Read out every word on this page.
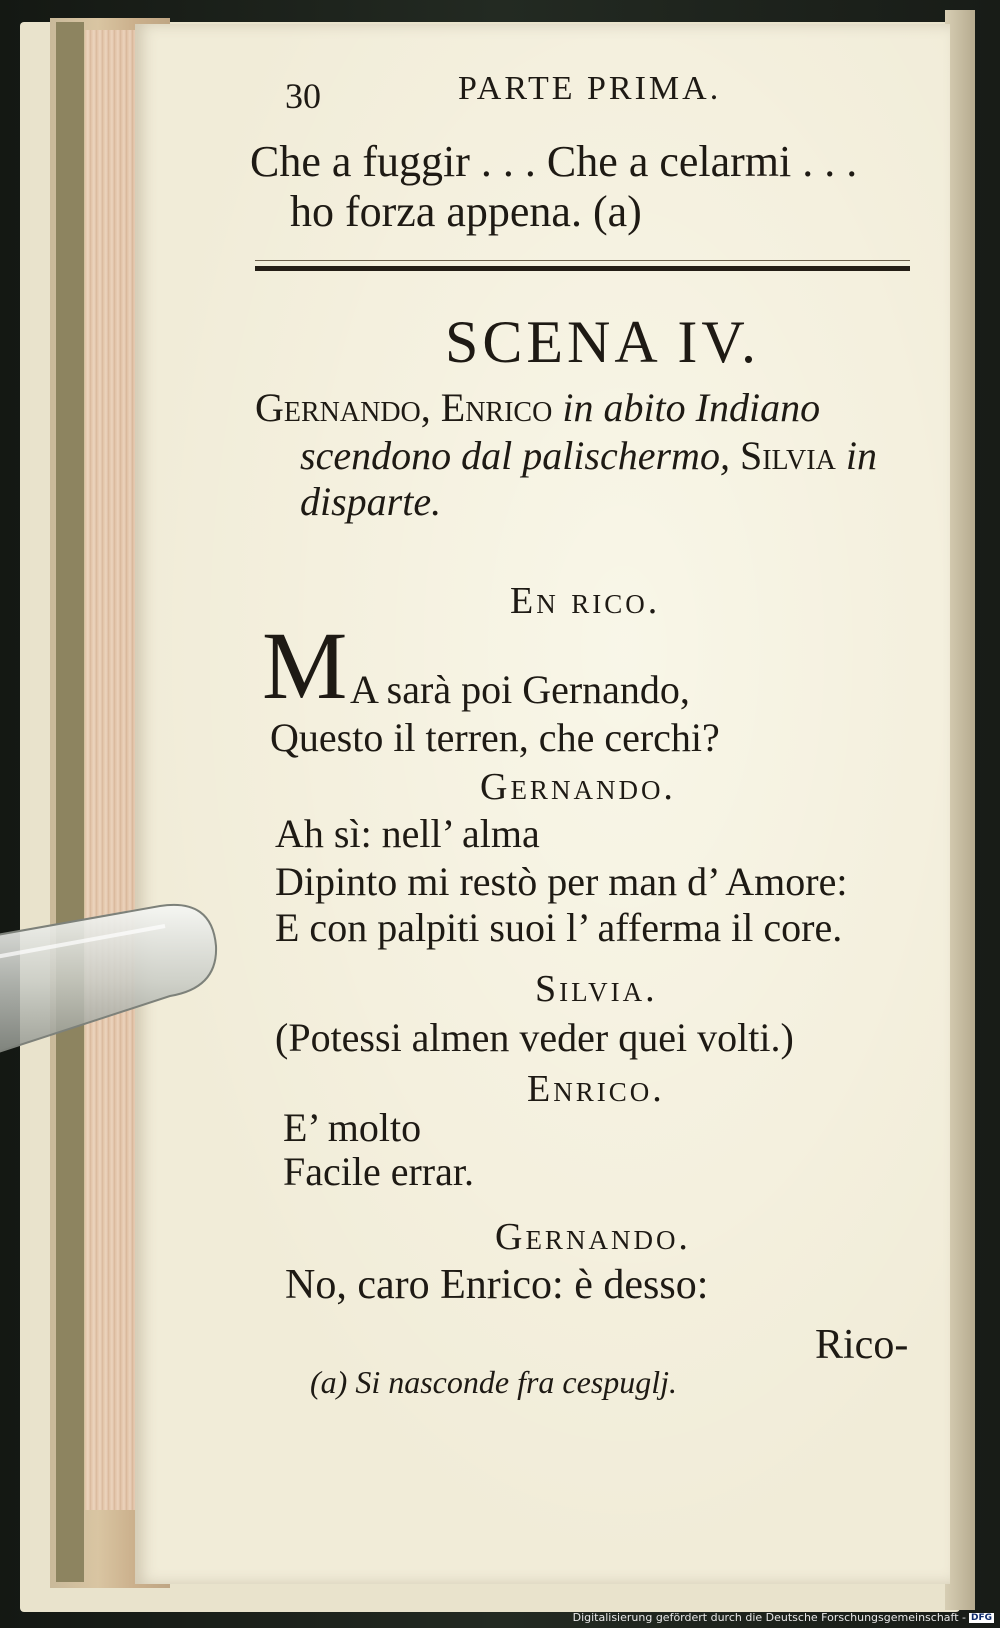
30	PARTE PRIMA.
Che a fuggir . . . Che a celarmi . . .
ho forza appena. (a)
SCENA IV.
Gernando, Enrico in abito Indiano
scendono dal palischermo, Silvia in
disparte.
En rico.
M A sarà poi Gernando,
Questo il terren, che cerchi?
Gernando.
Ah sì: nell’ alma
Dipinto mi restò per man d’ Amore:
E con palpiti suoi l’ afferma il core.
Silvia.
(Potessi almen veder quei volti.)
Enrico.
E’ molto
Facile errar.
Gernando.
No, caro Enrico: è desso:
Rico-
(a) Si nasconde fra cespuglj.
Digitalisierung gefördert durch die Deutsche Forschungsgemeinschaft - DFG
